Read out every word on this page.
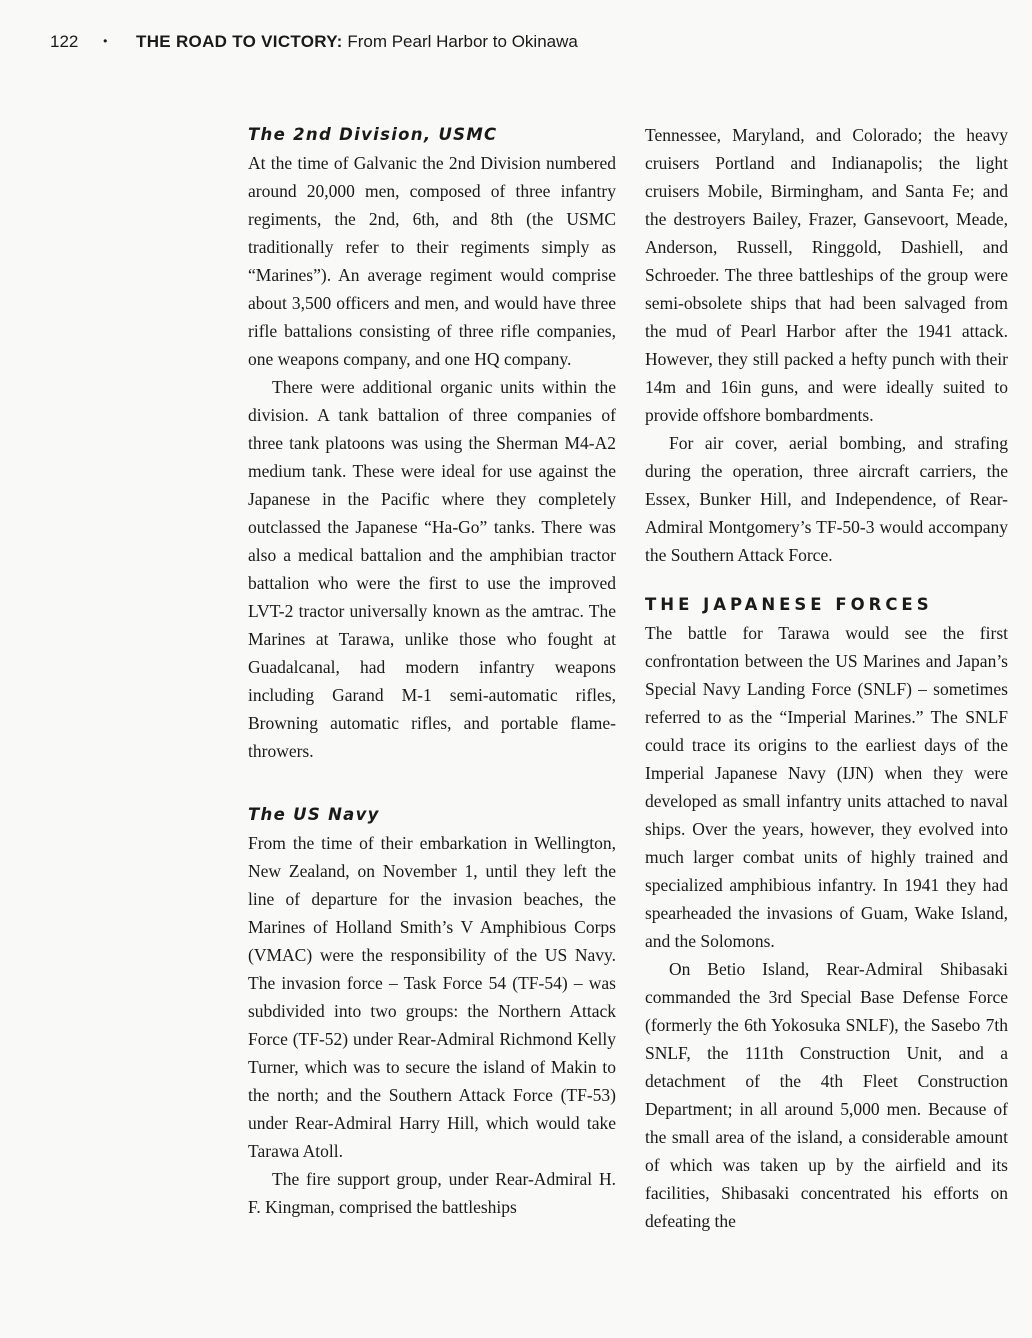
122 • THE ROAD TO VICTORY: From Pearl Harbor to Okinawa
The 2nd Division, USMC

At the time of Galvanic the 2nd Division numbered around 20,000 men, composed of three infantry regiments, the 2nd, 6th, and 8th (the USMC traditionally refer to their regiments simply as “Marines”). An average regiment would comprise about 3,500 officers and men, and would have three rifle battalions consisting of three rifle companies, one weapons company, and one HQ company.

There were additional organic units within the division. A tank battalion of three companies of three tank platoons was using the Sherman M4-A2 medium tank. These were ideal for use against the Japanese in the Pacific where they completely outclassed the Japanese “Ha-Go” tanks. There was also a medical battalion and the amphibian tractor battalion who were the first to use the improved LVT-2 tractor universally known as the amtrac. The Marines at Tarawa, unlike those who fought at Guadalcanal, had modern infantry weapons including Garand M-1 semi-automatic rifles, Browning automatic rifles, and portable flame-throwers.

The US Navy

From the time of their embarkation in Wellington, New Zealand, on November 1, until they left the line of departure for the invasion beaches, the Marines of Holland Smith’s V Amphibious Corps (VMAC) were the responsibility of the US Navy. The invasion force – Task Force 54 (TF-54) – was subdivided into two groups: the Northern Attack Force (TF-52) under Rear-Admiral Richmond Kelly Turner, which was to secure the island of Makin to the north; and the Southern Attack Force (TF-53) under Rear-Admiral Harry Hill, which would take Tarawa Atoll.

The fire support group, under Rear-Admiral H. F. Kingman, comprised the battleships

Tennessee, Maryland, and Colorado; the heavy cruisers Portland and Indianapolis; the light cruisers Mobile, Birmingham, and Santa Fe; and the destroyers Bailey, Frazer, Gansevoort, Meade, Anderson, Russell, Ringgold, Dashiell, and Schroeder. The three battleships of the group were semi-obsolete ships that had been salvaged from the mud of Pearl Harbor after the 1941 attack. However, they still packed a hefty punch with their 14m and 16in guns, and were ideally suited to provide offshore bombardments.

For air cover, aerial bombing, and strafing during the operation, three aircraft carriers, the Essex, Bunker Hill, and Independence, of Rear-Admiral Montgomery’s TF-50-3 would accompany the Southern Attack Force.

THE JAPANESE FORCES

The battle for Tarawa would see the first confrontation between the US Marines and Japan’s Special Navy Landing Force (SNLF) – sometimes referred to as the “Imperial Marines.” The SNLF could trace its origins to the earliest days of the Imperial Japanese Navy (IJN) when they were developed as small infantry units attached to naval ships. Over the years, however, they evolved into much larger combat units of highly trained and specialized amphibious infantry. In 1941 they had spearheaded the invasions of Guam, Wake Island, and the Solomons.

On Betio Island, Rear-Admiral Shibasaki commanded the 3rd Special Base Defense Force (formerly the 6th Yokosuka SNLF), the Sasebo 7th SNLF, the 111th Construction Unit, and a detachment of the 4th Fleet Construction Department; in all around 5,000 men. Because of the small area of the island, a considerable amount of which was taken up by the airfield and its facilities, Shibasaki concentrated his efforts on defeating the
